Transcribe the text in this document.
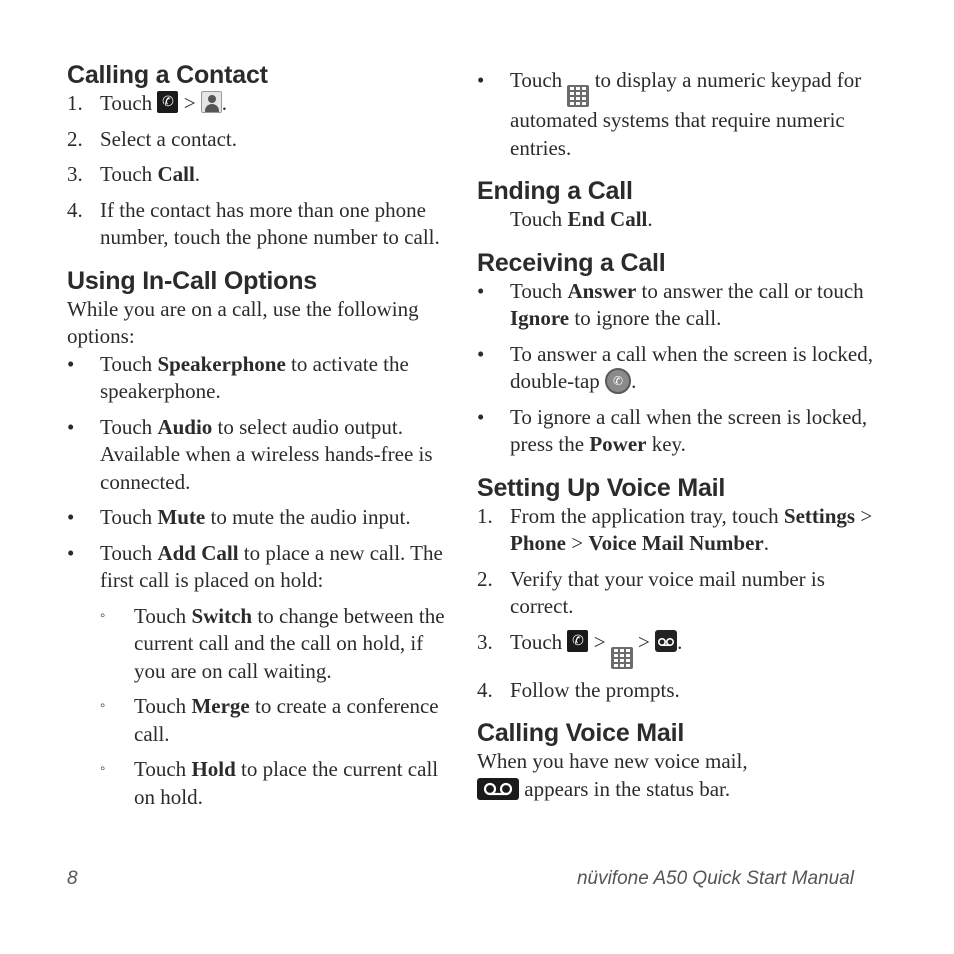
Calling a Contact
1. Touch ✆ > .
2. Select a contact.
3. Touch Call.
4. If the contact has more than one phone number, touch the phone number to call.
Using In-Call Options

While you are on a call, use the following options:

•	Touch Speakerphone to activate the speakerphone.
•	Touch Audio to select audio output. Available when a wireless hands-free is connected.
•	Touch Mute to mute the audio input.
•	Touch Add Call to place a new call. The first call is placed on hold:
◦	Touch Switch to change between the current call and the call on hold, if you are on call waiting.
◦	Touch Merge to create a conference call.
◦	Touch Hold to place the current call on hold.
•	Touch
to display a numeric keypad for automated systems that require numeric entries.
Ending a Call

Touch End Call.

Receiving a Call
•	Touch Answer to answer the call or touch Ignore to ignore the call.
•	To answer a call when the screen is locked, double-tap	✆ .
•	To ignore a call when the screen is locked, press the Power key.
Setting Up Voice Mail
1. From the application tray, touch Settings > Phone > Voice Mail Number.
2. Verify that your voice mail number is correct.
3. Touch ✆ > > .
4. Follow the prompts.
Calling Voice Mail

When you have new voice mail,

appears in the status bar.

8	nüvifone A50 Quick Start Manual
